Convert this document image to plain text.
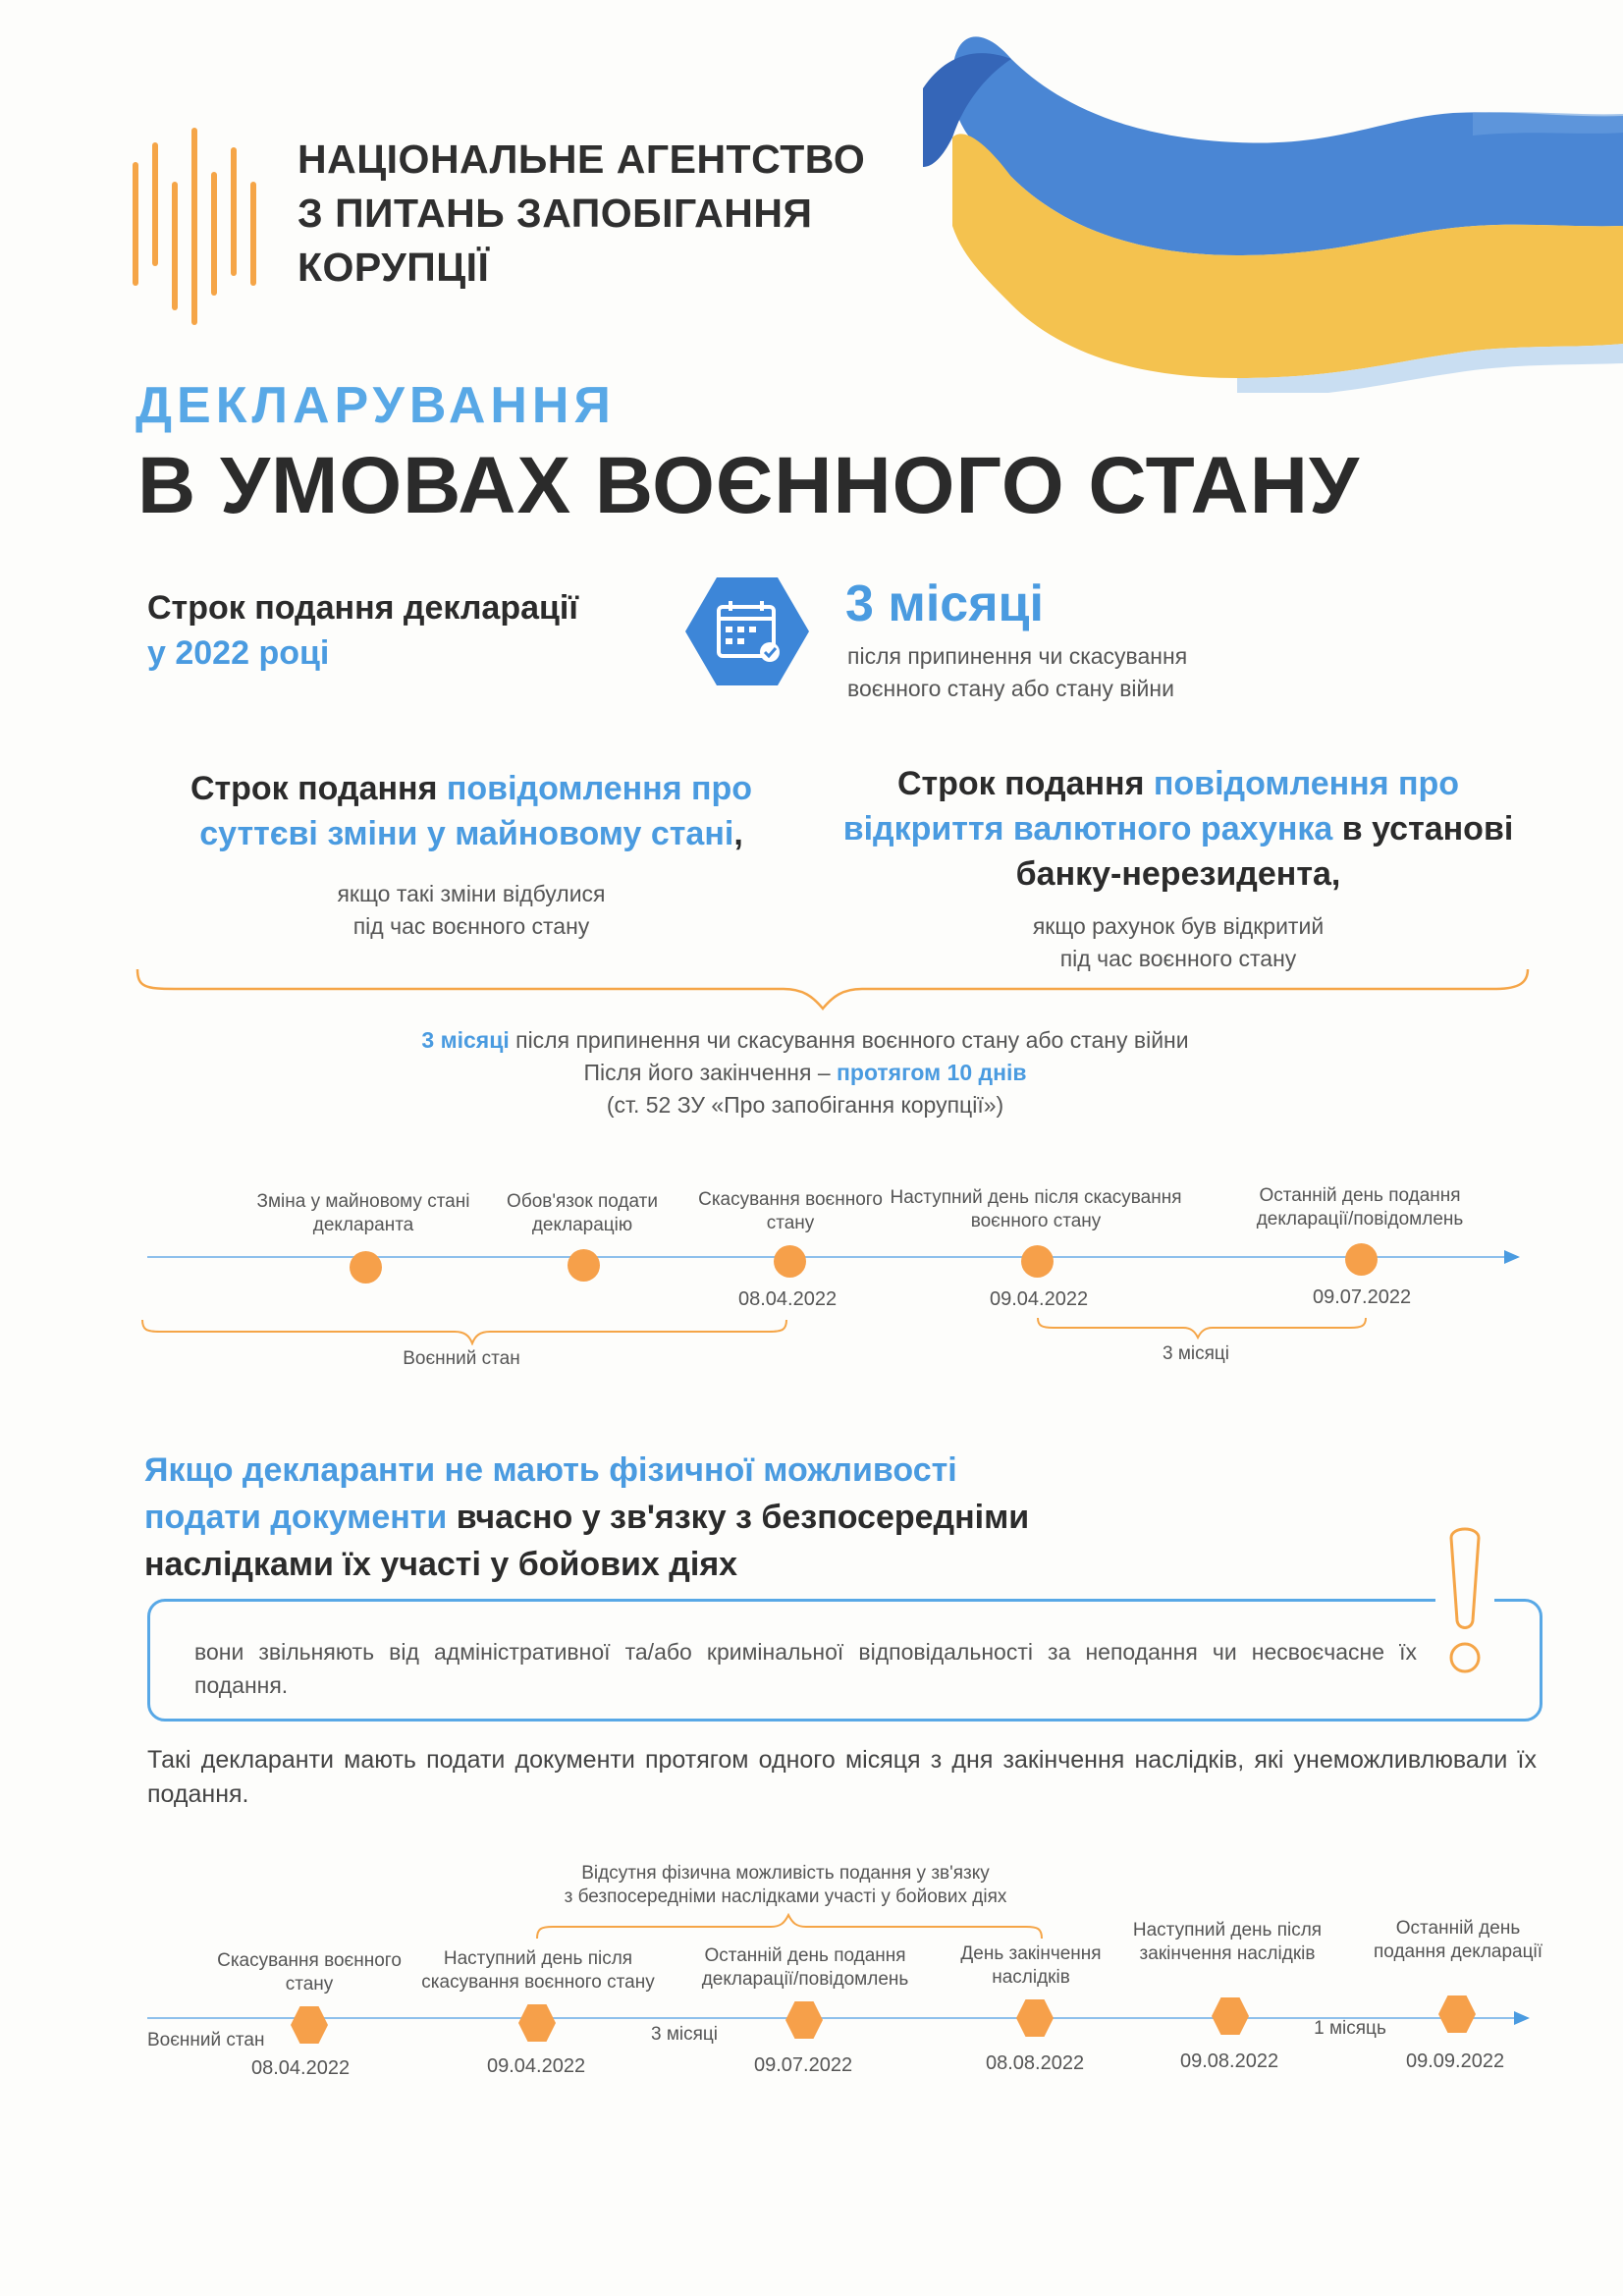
НАЦІОНАЛЬНЕ АГЕНТСТВО
З ПИТАНЬ ЗАПОБІГАННЯ
КОРУПЦІЇ
ДЕКЛАРУВАННЯ
В УМОВАХ ВОЄННОГО СТАНУ
Строк подання декларації
у 2022 році
3 місяці
після припинення чи скасування
воєнного стану або стану війни
Строк подання повідомлення про
суттєві зміни у майновому стані,
якщо такі зміни відбулися
під час воєнного стану
Строк подання повідомлення про
відкриття валютного рахунка в установі
банку-нерезидента,
якщо рахунок був відкритий
під час воєнного стану
3 місяці після припинення чи скасування воєнного стану або стану війни
Після його закінчення – протягом 10 днів
(ст. 52 ЗУ «Про запобігання корупції»)
Зміна у майновому стані декларанта
Обов'язок подати декларацію
Скасування воєнного стану
08.04.2022
Наступний день після скасування воєнного стану
09.04.2022
Останній день подання декларації/повідомлень
09.07.2022
Воєнний стан	3 місяці
Якщо декларанти не мають фізичної можливості
подати документи вчасно у зв'язку з безпосередніми
наслідками їх участі у бойових діях
вони звільняють від адміністративної та/або кримінальної відповідальності за неподання чи несвоєчасне їх подання.
Такі декларанти мають подати документи протягом одного місяця з дня закінчення наслідків, які унеможливлювали їх подання.
Відсутня фізична можливість подання у зв'язку
з безпосередніми наслідками участі у бойових діях
Воєнний стан
Скасування воєнного стану
08.04.2022
Наступний день після скасування воєнного стану
09.04.2022
3 місяці
Останній день подання декларації/повідомлень
09.07.2022
День закінчення наслідків
08.08.2022
Наступний день після закінчення наслідків
09.08.2022
1 місяць
Останній день подання декларації
09.09.2022
